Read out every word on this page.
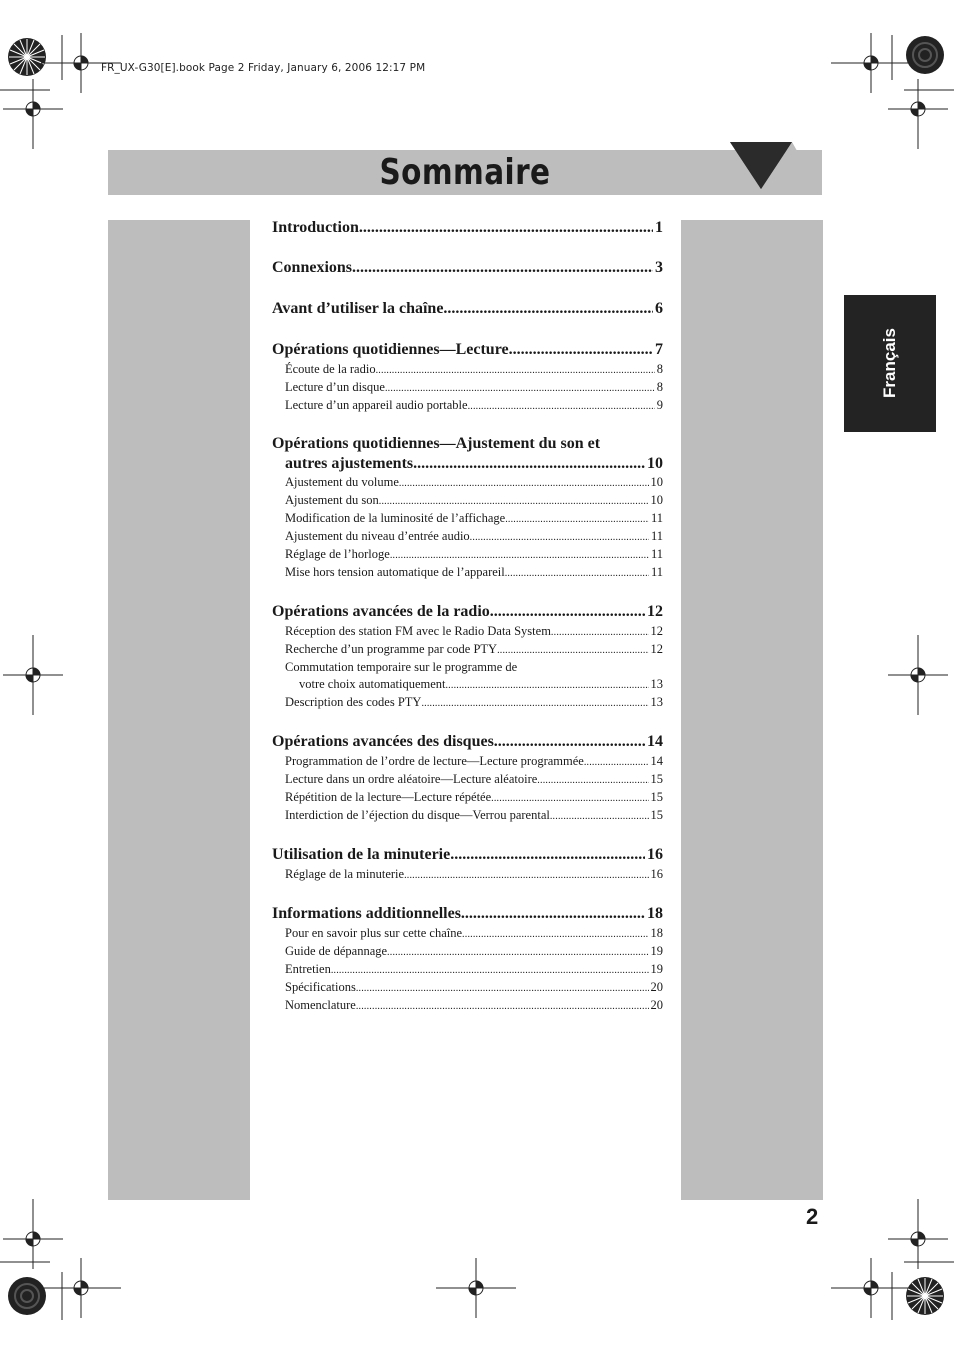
FR_UX-G30[E].book Page 2 Friday, January 6, 2006 12:17 PM
Sommaire
Français
Introduction .....	1
Connexions .....	3
Avant d’utiliser la chaîne .....	6
Opérations quotidiennes—Lecture .....	7
Écoute de la radio .....	8
Lecture d’un disque .....	8
Lecture d’un appareil audio portable .....	9
Opérations quotidiennes—Ajustement du son et
autres ajustements .....	10
Ajustement du volume .....	10
Ajustement du son .....	10
Modification de la luminosité de l’affichage .....	11
Ajustement du niveau d’entrée audio .....	11
Réglage de l’horloge .....	11
Mise hors tension automatique de l’appareil .....	11
Opérations avancées de la radio .....	12
Réception des station FM avec le Radio Data System .....	12
Recherche d’un programme par code PTY .....	12
Commutation temporaire sur le programme de
votre choix automatiquement .....	13
Description des codes PTY .....	13
Opérations avancées des disques .....	14
Programmation de l’ordre de lecture—Lecture programmée .....	14
Lecture dans un ordre aléatoire—Lecture aléatoire .....	15
Répétition de la lecture—Lecture répétée .....	15
Interdiction de l’éjection du disque—Verrou parental .....	15
Utilisation de la minuterie .....	16
Réglage de la minuterie .....	16
Informations additionnelles .....	18
Pour en savoir plus sur cette chaîne .....	18
Guide de dépannage .....	19
Entretien .....	19
Spécifications .....	20
Nomenclature .....	20
2
